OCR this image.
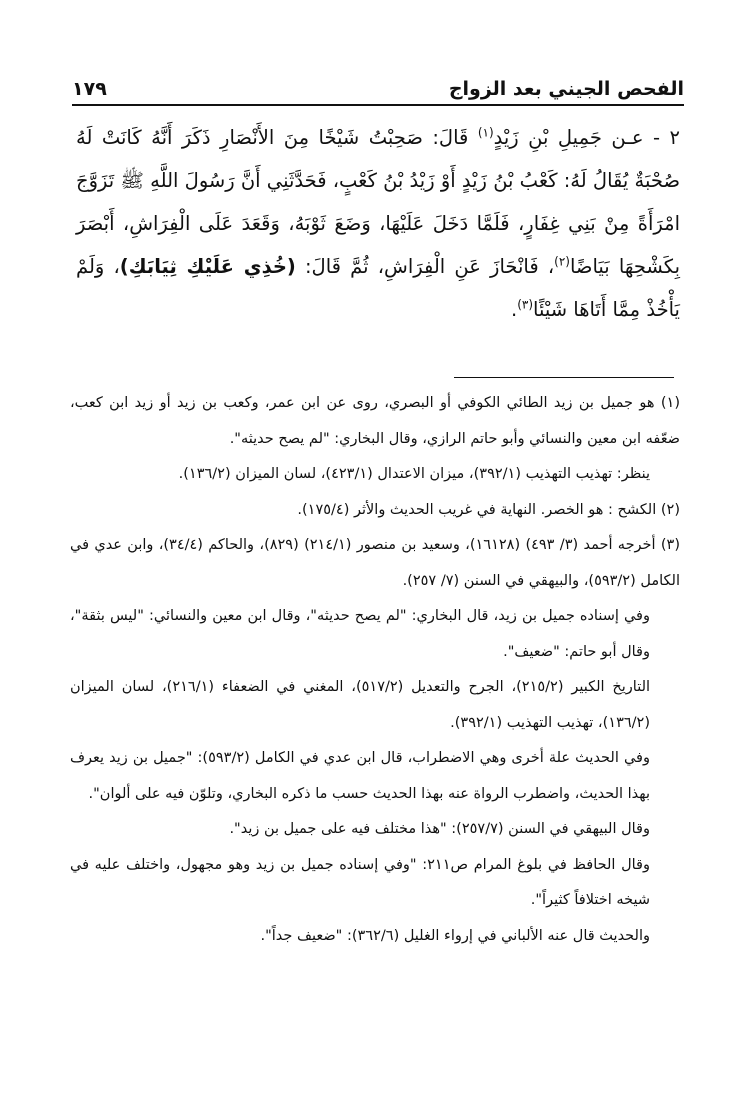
الفحص الجيني بعد الزواج
١٧٩

٢ - عـن جَمِيلِ بْنِ زَيْدٍ$^{(١)}$ قَالَ: صَحِبْتُ شَيْخًا مِنَ الأَنْصَارِ ذَكَرَ أَنَّهُ كَانَتْ لَهُ صُحْبَةٌ يُقَالُ لَهُ: كَعْبُ بْنُ زَيْدٍ أَوْ زَيْدُ بْنُ كَعْبٍ، فَحَدَّثَنِي أَنَّ رَسُولَ اللَّهِ ﷺ تَزَوَّجَ امْرَأَةً مِنْ بَنِي غِفَارٍ، فَلَمَّا دَخَلَ عَلَيْهَا، وَضَعَ ثَوْبَهُ، وَقَعَدَ عَلَى الْفِرَاشِ، أَبْصَرَ بِكَشْحِهَا بَيَاضًا$^{(٢)}$، فَانْحَازَ عَنِ الْفِرَاشِ، ثُمَّ قَالَ: (خُذِي عَلَيْكِ ثِيَابَكِ)، وَلَمْ يَأْخُذْ مِمَّا أَتَاهَا شَيْئًا$^{(٣)}$.

(١) هو جميل بن زيد الطائي الكوفي أو البصري، روى عن ابن عمر، وكعب بن زيد أو زيد ابن كعب، ضعّفه ابن معين والنسائي وأبو حاتم الرازي، وقال البخاري: "لم يصح حديثه".

ينظر: تهذيب التهذيب (٣٩٢/١)، ميزان الاعتدال (٤٢٣/١)، لسان الميزان (١٣٦/٢).

(٢) الكشح : هو الخصر. النهاية في غريب الحديث والأثر (١٧٥/٤).

(٣) أخرجه أحمد (٣/ ٤٩٣) (١٦١٢٨)، وسعيد بن منصور (٢١٤/١) (٨٢٩)، والحاكم (٣٤/٤)، وابن عدي في الكامل (٥٩٣/٢)، والبيهقي في السنن (٧/ ٢٥٧).

وفي إسناده جميل بن زيد، قال البخاري: "لم يصح حديثه"، وقال ابن معين والنسائي: "ليس بثقة"، وقال أبو حاتم: "ضعيف".

التاريخ الكبير (٢١٥/٢)، الجرح والتعديل (٥١٧/٢)، المغني في الضعفاء (٢١٦/١)، لسان الميزان (١٣٦/٢)، تهذيب التهذيب (٣٩٢/١).

وفي الحديث علة أخرى وهي الاضطراب، قال ابن عدي في الكامل (٥٩٣/٢): "جميل بن زيد يعرف بهذا الحديث، واضطرب الرواة عنه بهذا الحديث حسب ما ذكره البخاري، وتلوّن فيه على ألوان".

وقال البيهقي في السنن (٢٥٧/٧): "هذا مختلف فيه على جميل بن زيد".

وقال الحافظ في بلوغ المرام ص٢١١: "وفي إسناده جميل بن زيد وهو مجهول، واختلف عليه في شيخه اختلافاً كثيراً".

والحديث قال عنه الألباني في إرواء الغليل (٣٦٢/٦): "ضعيف جداً".
